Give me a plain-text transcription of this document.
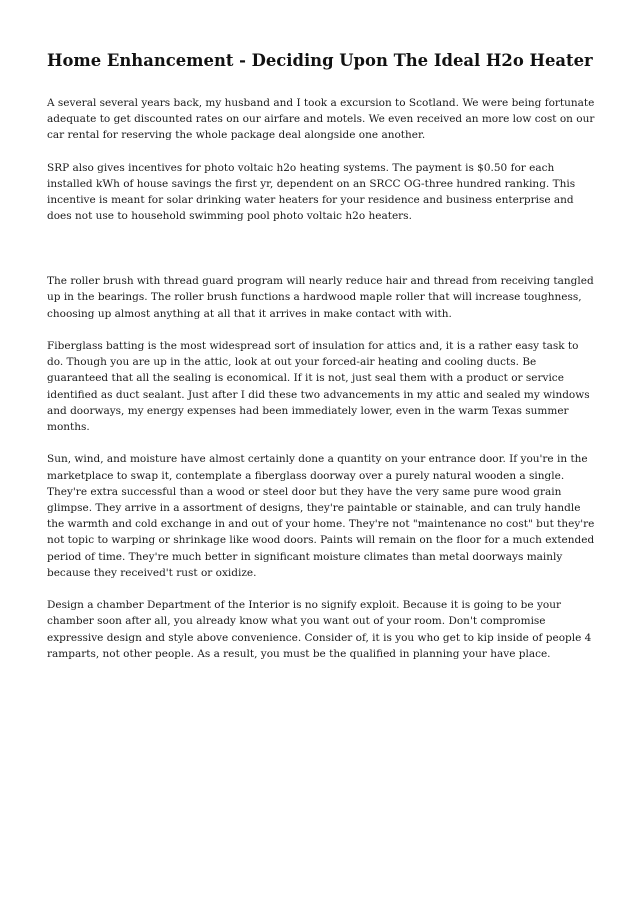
Home Enhancement - Deciding Upon The Ideal H2o Heater

A several several years back, my husband and I took a excursion to Scotland. We were being fortunate adequate to get discounted rates on our airfare and motels. We even received an more low cost on our car rental for reserving the whole package deal alongside one another.

SRP also gives incentives for photo voltaic h2o heating systems. The payment is $0.50 for each installed kWh of house savings the first yr, dependent on an SRCC OG-three hundred ranking. This incentive is meant for solar drinking water heaters for your residence and business enterprise and does not use to household swimming pool photo voltaic h2o heaters.

The roller brush with thread guard program will nearly reduce hair and thread from receiving tangled up in the bearings. The roller brush functions a hardwood maple roller that will increase toughness, choosing up almost anything at all that it arrives in make contact with with.

Fiberglass batting is the most widespread sort of insulation for attics and, it is a rather easy task to do. Though you are up in the attic, look at out your forced-air heating and cooling ducts. Be guaranteed that all the sealing is economical. If it is not, just seal them with a product or service identified as duct sealant. Just after I did these two advancements in my attic and sealed my windows and doorways, my energy expenses had been immediately lower, even in the warm Texas summer months.

Sun, wind, and moisture have almost certainly done a quantity on your entrance door. If you're in the marketplace to swap it, contemplate a fiberglass doorway over a purely natural wooden a single. They're extra successful than a wood or steel door but they have the very same pure wood grain glimpse. They arrive in a assortment of designs, they're paintable or stainable, and can truly handle the warmth and cold exchange in and out of your home. They're not "maintenance no cost" but they're not topic to warping or shrinkage like wood doors. Paints will remain on the floor for a much extended period of time. They're much better in significant moisture climates than metal doorways mainly because they received't rust or oxidize.

Design a chamber Department of the Interior is no signify exploit. Because it is going to be your chamber soon after all, you already know what you want out of your room. Don't compromise expressive design and style above convenience. Consider of, it is you who get to kip inside of people 4 ramparts, not other people. As a result, you must be the qualified in planning your have place.
